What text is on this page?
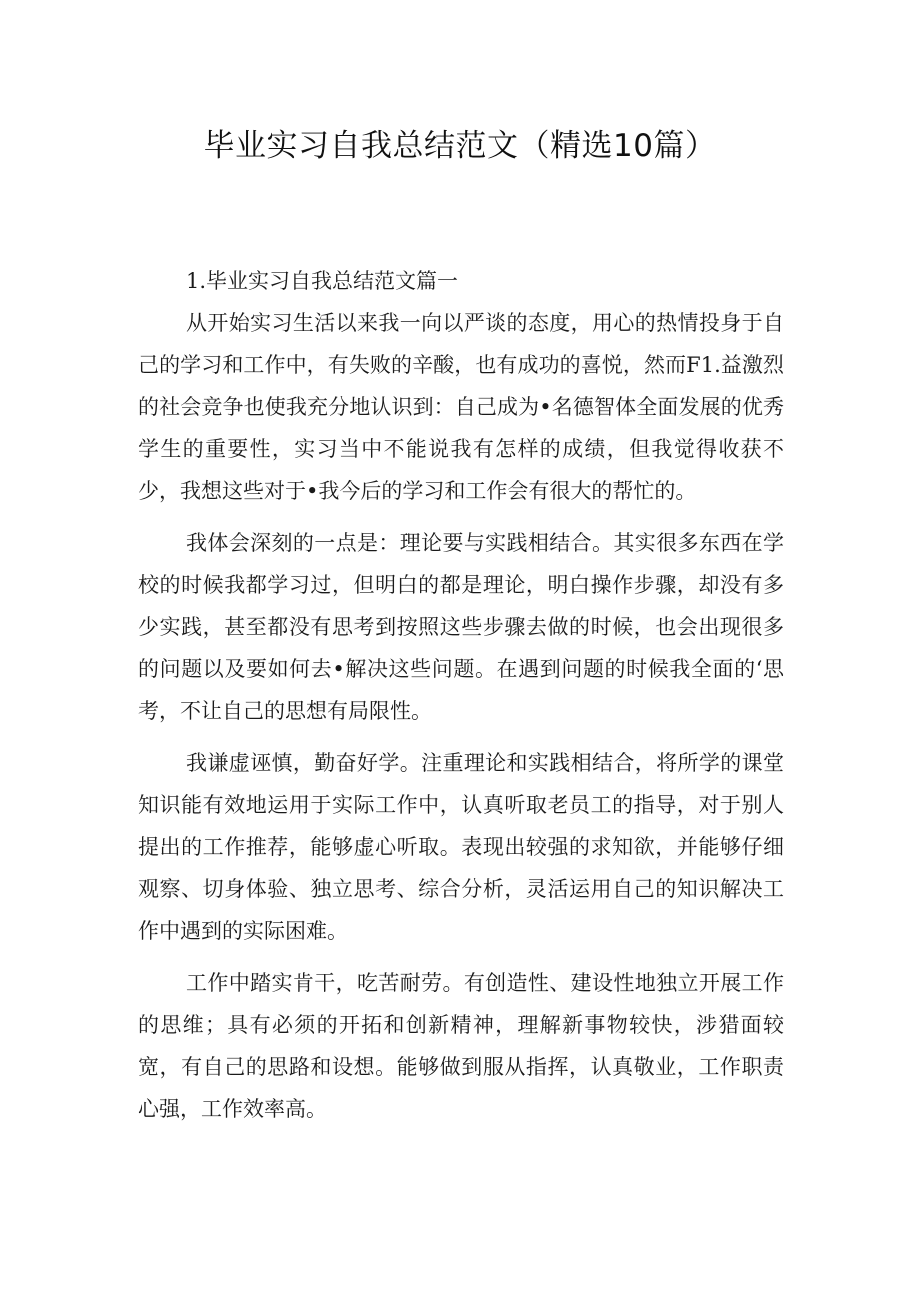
毕业实习自我总结范文（精选10篇）

1.毕业实习自我总结范文篇一

从开始实习生活以来我一向以严谈的态度，用心的热情投身于自己的学习和工作中，有失败的辛酸，也有成功的喜悦，然而F1.益激烈的社会竞争也使我充分地认识到：自己成为•名德智体全面发展的优秀学生的重要性，实习当中不能说我有怎样的成绩，但我觉得收获不少，我想这些对于•我今后的学习和工作会有很大的帮忙的。

我体会深刻的一点是：理论要与实践相结合。其实很多东西在学校的时候我都学习过，但明白的都是理论，明白操作步骤，却没有多少实践，甚至都没有思考到按照这些步骤去做的时候，也会出现很多的问题以及要如何去•解决这些问题。在遇到问题的时候我全面的‘思考，不让自己的思想有局限性。

我谦虚诬慎，勤奋好学。注重理论和实践相结合，将所学的课堂知识能有效地运用于实际工作中，认真听取老员工的指导，对于别人提出的工作推荐，能够虚心听取。表现出较强的求知欲，并能够仔细观察、切身体验、独立思考、综合分析，灵活运用自己的知识解决工作中遇到的实际困难。

工作中踏实肯干，吃苦耐劳。有创造性、建设性地独立开展工作的思维；具有必须的开拓和创新精神，理解新事物较快，涉猎面较宽，有自己的思路和设想。能够做到服从指挥，认真敬业，工作职责心强，工作效率高。
